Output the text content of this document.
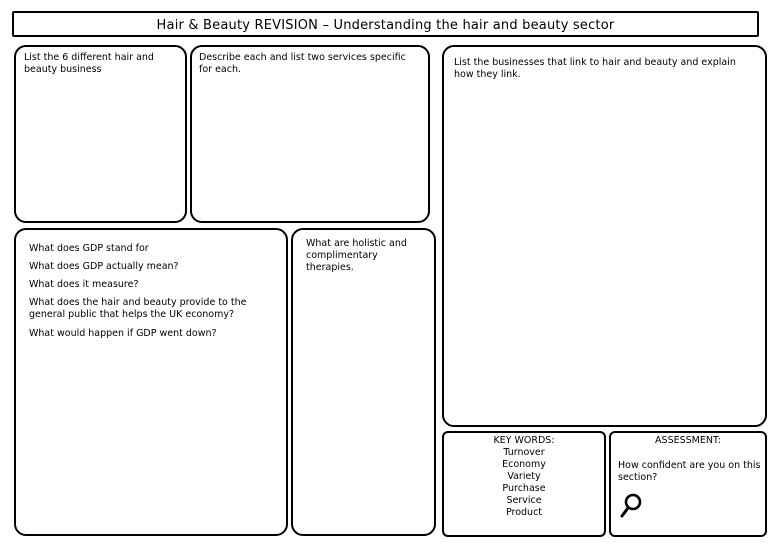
Hair & Beauty REVISION – Understanding the hair and beauty sector
List the 6 different hair and
beauty business
Describe each and list two services specific
for each.
List the businesses that link to hair and beauty and explain
how they link.
What does GDP stand for
What does GDP actually mean?
What does it measure?
What does the hair and beauty provide to the
general public that helps the UK economy?
What would happen if GDP went down?
What are holistic and
complimentary
therapies.
KEY WORDS:
Turnover
Economy
Variety
Purchase
Service
Product
ASSESSMENT:
How confident are you on this
section?
